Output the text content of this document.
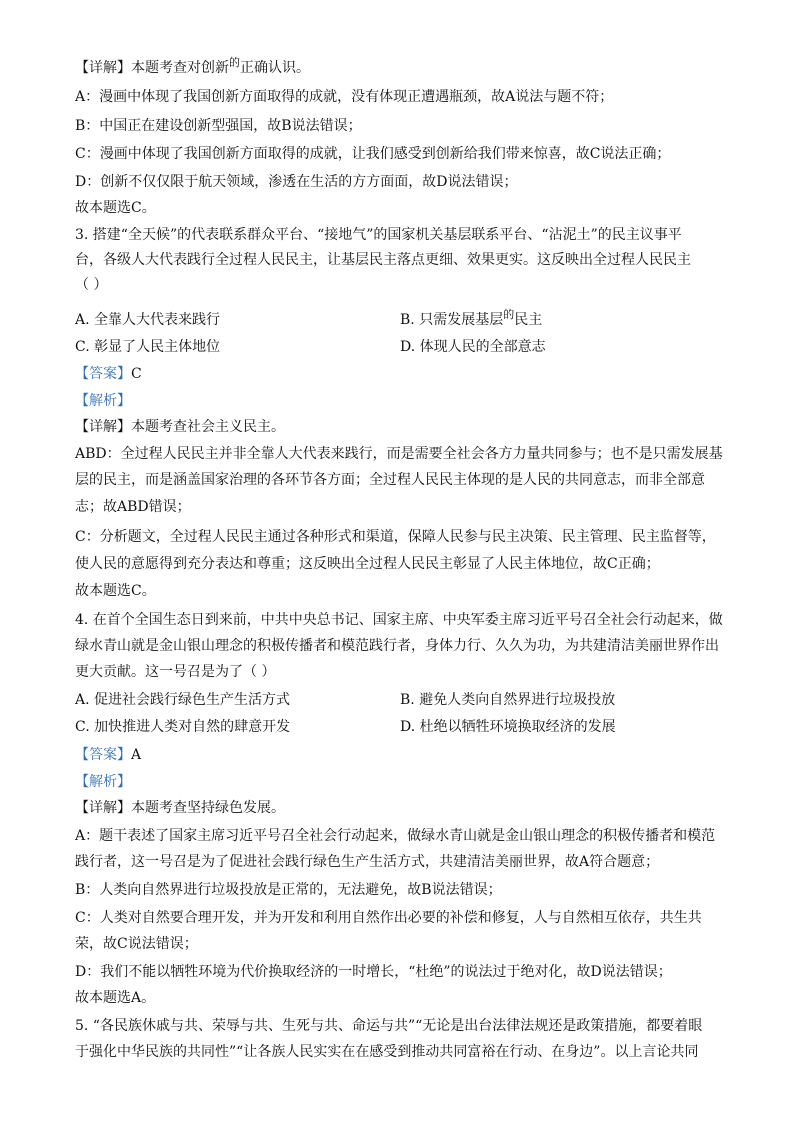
【详解】本题考查对创新$^的$正确认识。
A：漫画中体现了我国创新方面取得的成就，没有体现正遭遇瓶颈，故A说法与题不符；
B：中国正在建设创新型强国，故B说法错误；
C：漫画中体现了我国创新方面取得的成就，让我们感受到创新给我们带来惊喜，故C说法正确；
D：创新不仅仅限于航天领域，渗透在生活的方方面面，故D说法错误；
故本题选C。
3. 搭建“全天候”的代表联系群众平台、“接地气”的国家机关基层联系平台、“沾泥土”的民主议事平
台，各级人大代表践行全过程人民民主，让基层民主落点更细、效果更实。这反映出全过程人民民主
（ ）
A. 全靠人大代表来践行	B. 只需发展基层$^的$民主
C. 彰显了人民主体地位	D. 体现人民的全部意志
【答案】C
【解析】
【详解】本题考查社会主义民主。
ABD：全过程人民民主并非全靠人大代表来践行，而是需要全社会各方力量共同参与；也不是只需发展基
层的民主，而是涵盖国家治理的各环节各方面；全过程人民民主体现的是人民的共同意志，而非全部意
志；故ABD错误；
C：分析题文，全过程人民民主通过各种形式和渠道，保障人民参与民主决策、民主管理、民主监督等，
使人民的意愿得到充分表达和尊重；这反映出全过程人民民主彰显了人民主体地位，故C正确；
故本题选C。
4. 在首个全国生态日到来前，中共中央总书记、国家主席、中央军委主席习近平号召全社会行动起来，做
绿水青山就是金山银山理念的积极传播者和模范践行者，身体力行、久久为功，为共建清洁美丽世界作出
更大贡献。这一号召是为了（ ）
A. 促进社会践行绿色生产生活方式	B. 避免人类向自然界进行垃圾投放
C. 加快推进人类对自然的肆意开发	D. 杜绝以牺牲环境换取经济的发展
【答案】A
【解析】
【详解】本题考查坚持绿色发展。
A：题干表述了国家主席习近平号召全社会行动起来，做绿水青山就是金山银山理念的积极传播者和模范
践行者，这一号召是为了促进社会践行绿色生产生活方式，共建清洁美丽世界，故A符合题意；
B：人类向自然界进行垃圾投放是正常的，无法避免，故B说法错误；
C：人类对自然要合理开发，并为开发和利用自然作出必要的补偿和修复，人与自然相互依存，共生共
荣，故C说法错误；
D：我们不能以牺牲环境为代价换取经济的一时增长，“杜绝”的说法过于绝对化，故D说法错误；
故本题选A。
5. “各民族休戚与共、荣辱与共、生死与共、命运与共”“无论是出台法律法规还是政策措施，都要着眼
于强化中华民族的共同性”“让各族人民实实在在感受到推动共同富裕在行动、在身边”。以上言论共同
